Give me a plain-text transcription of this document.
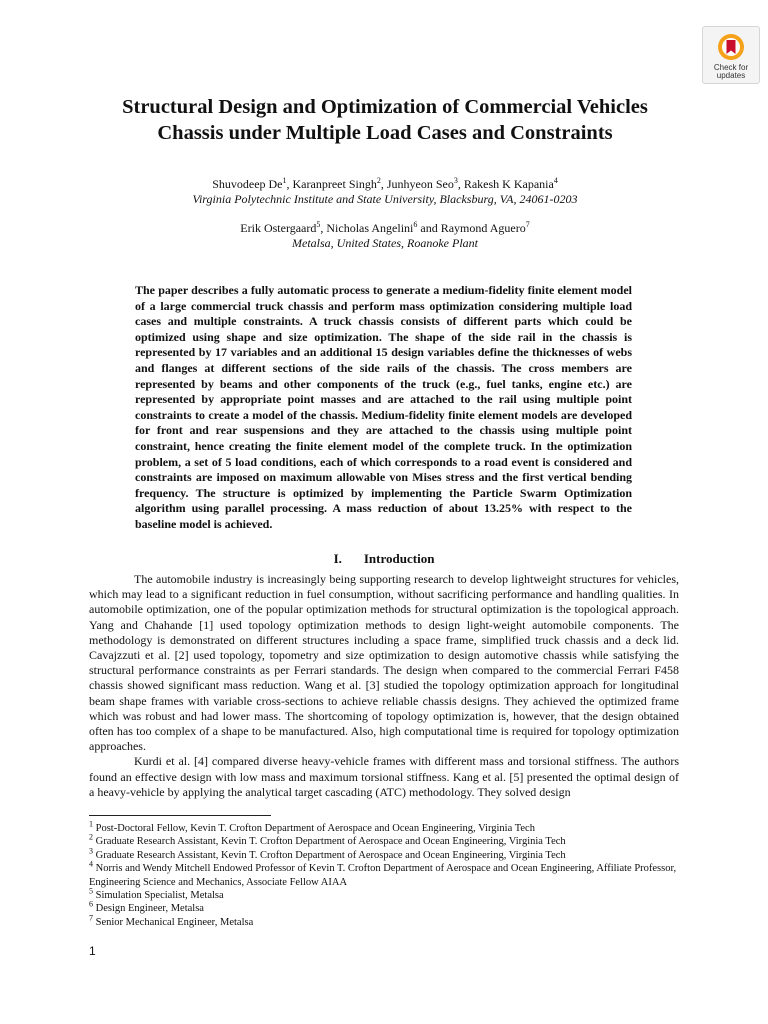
Check for
updates
Structural Design and Optimization of Commercial Vehicles
Chassis under Multiple Load Cases and Constraints
Shuvodeep De$^1$, Karanpreet Singh$^2$, Junhyeon Seo$^3$, Rakesh K Kapania$^4$
Virginia Polytechnic Institute and State University, Blacksburg, VA, 24061-0203
Erik Ostergaard$^5$, Nicholas Angelini$^6$ and Raymond Aguero$^7$
Metalsa, United States, Roanoke Plant

The paper describes a fully automatic process to generate a medium-fidelity finite element model of a large commercial truck chassis and perform mass optimization considering multiple load cases and multiple constraints. A truck chassis consists of different parts which could be optimized using shape and size optimization. The shape of the side rail in the chassis is represented by 17 variables and an additional 15 design variables define the thicknesses of webs and flanges at different sections of the side rails of the chassis. The cross members are represented by beams and other components of the truck (e.g., fuel tanks, engine etc.) are represented by appropriate point masses and are attached to the rail using multiple point constraints to create a model of the chassis. Medium-fidelity finite element models are developed for front and rear suspensions and they are attached to the chassis using multiple point constraint, hence creating the finite element model of the complete truck. In the optimization problem, a set of 5 load conditions, each of which corresponds to a road event is considered and constraints are imposed on maximum allowable von Mises stress and the first vertical bending frequency. The structure is optimized by implementing the Particle Swarm Optimization algorithm using parallel processing. A mass reduction of about 13.25% with respect to the baseline model is achieved.

I. Introduction

The automobile industry is increasingly being supporting research to develop lightweight structures for vehicles, which may lead to a significant reduction in fuel consumption, without sacrificing performance and handling qualities. In automobile optimization, one of the popular optimization methods for structural optimization is the topological approach. Yang and Chahande [1] used topology optimization methods to design light-weight automobile components. The methodology is demonstrated on different structures including a space frame, simplified truck chassis and a deck lid. Cavajzzuti et al. [2] used topology, topometry and size optimization to design automotive chassis while satisfying the structural performance constraints as per Ferrari standards. The design when compared to the commercial Ferrari F458 chassis showed significant mass reduction. Wang et al. [3] studied the topology optimization approach for longitudinal beam shape frames with variable cross-sections to achieve reliable chassis designs. They achieved the optimized frame which was robust and had lower mass. The shortcoming of topology optimization is, however, that the design obtained often has too complex of a shape to be manufactured. Also, high computational time is required for topology optimization approaches.

Kurdi et al. [4] compared diverse heavy-vehicle frames with different mass and torsional stiffness. The authors found an effective design with low mass and maximum torsional stiffness. Kang et al. [5] presented the optimal design of a heavy-vehicle by applying the analytical target cascading (ATC) methodology. They solved design

$^1$ Post-Doctoral Fellow, Kevin T. Crofton Department of Aerospace and Ocean Engineering, Virginia Tech
$^2$ Graduate Research Assistant, Kevin T. Crofton Department of Aerospace and Ocean Engineering, Virginia Tech
$^3$ Graduate Research Assistant, Kevin T. Crofton Department of Aerospace and Ocean Engineering, Virginia Tech
$^4$ Norris and Wendy Mitchell Endowed Professor of Kevin T. Crofton Department of Aerospace and Ocean Engineering, Affiliate Professor, Engineering Science and Mechanics, Associate Fellow AIAA
$^5$ Simulation Specialist, Metalsa
$^6$ Design Engineer, Metalsa
$^7$ Senior Mechanical Engineer, Metalsa
1
